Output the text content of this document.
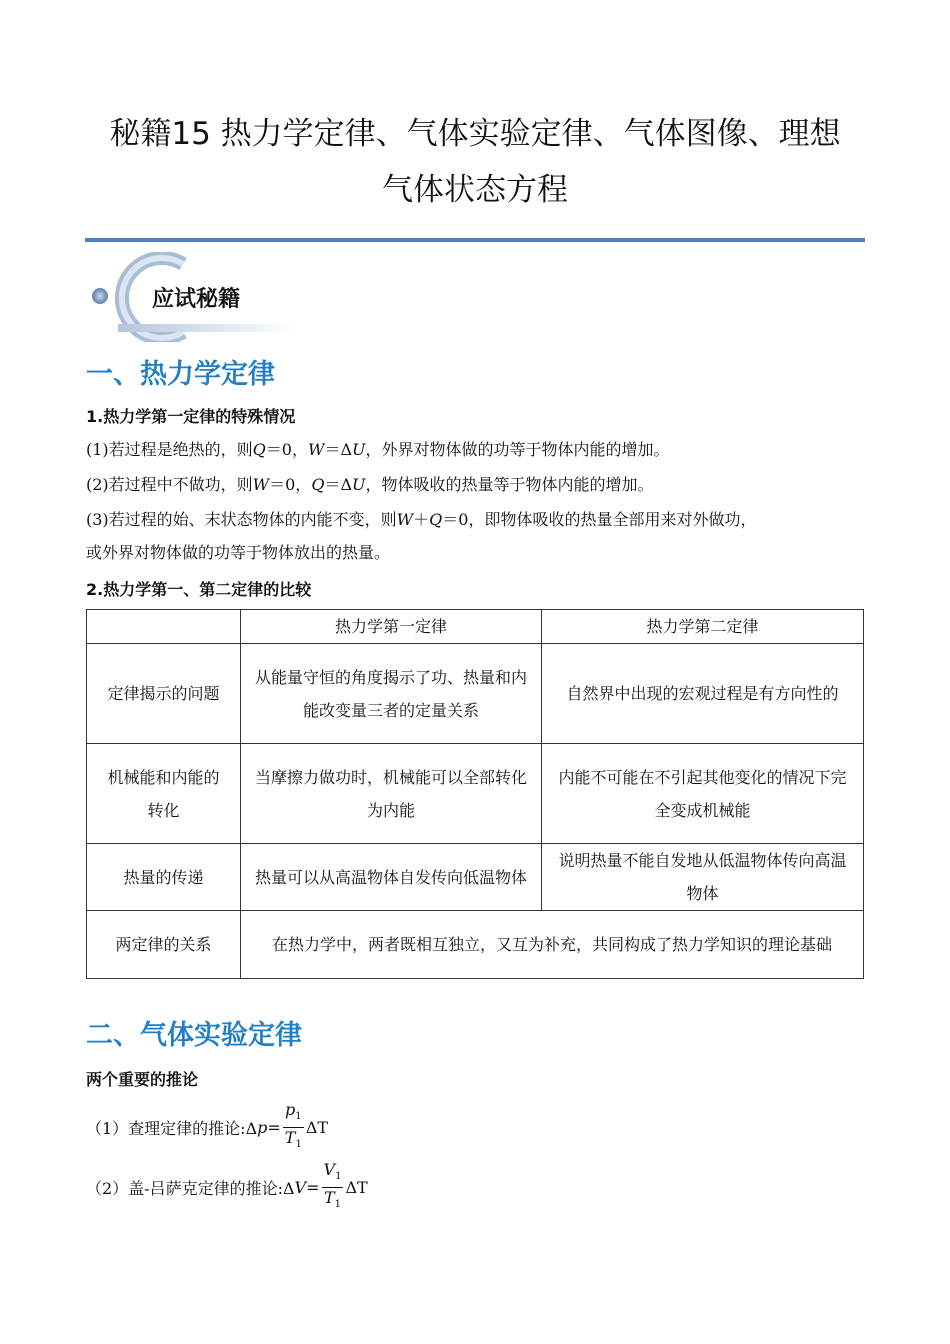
秘籍15 热力学定律、气体实验定律、气体图像、理想
气体状态方程
应试秘籍
一、热力学定律
1.热力学第一定律的特殊情况
(1)若过程是绝热的，则Q＝0，W＝ΔU，外界对物体做的功等于物体内能的增加。
(2)若过程中不做功，则W＝0，Q＝ΔU，物体吸收的热量等于物体内能的增加。
(3)若过程的始、末状态物体的内能不变，则W＋Q＝0，即物体吸收的热量全部用来对外做功，
或外界对物体做的功等于物体放出的热量。
2.热力学第一、第二定律的比较
	热力学第一定律	热力学第二定律
定律揭示的问题	从能量守恒的角度揭示了功、热量和内能改变量三者的定量关系	自然界中出现的宏观过程是有方向性的
机械能和内能的转化	当摩擦力做功时，机械能可以全部转化为内能	内能不可能在不引起其他变化的情况下完全变成机械能
热量的传递	热量可以从高温物体自发传向低温物体	说明热量不能自发地从低温物体传向高温物体
两定律的关系	在热力学中，两者既相互独立，又互为补充，共同构成了热力学知识的理论基础	
二、气体实验定律
两个重要的推论
（1）查理定律的推论:Δ $p = \frac{p_1}{T_1}$ ΔT
（2）盖-吕萨克定律的推论:Δ $V = \frac{V_1}{T_1}$ ΔT
